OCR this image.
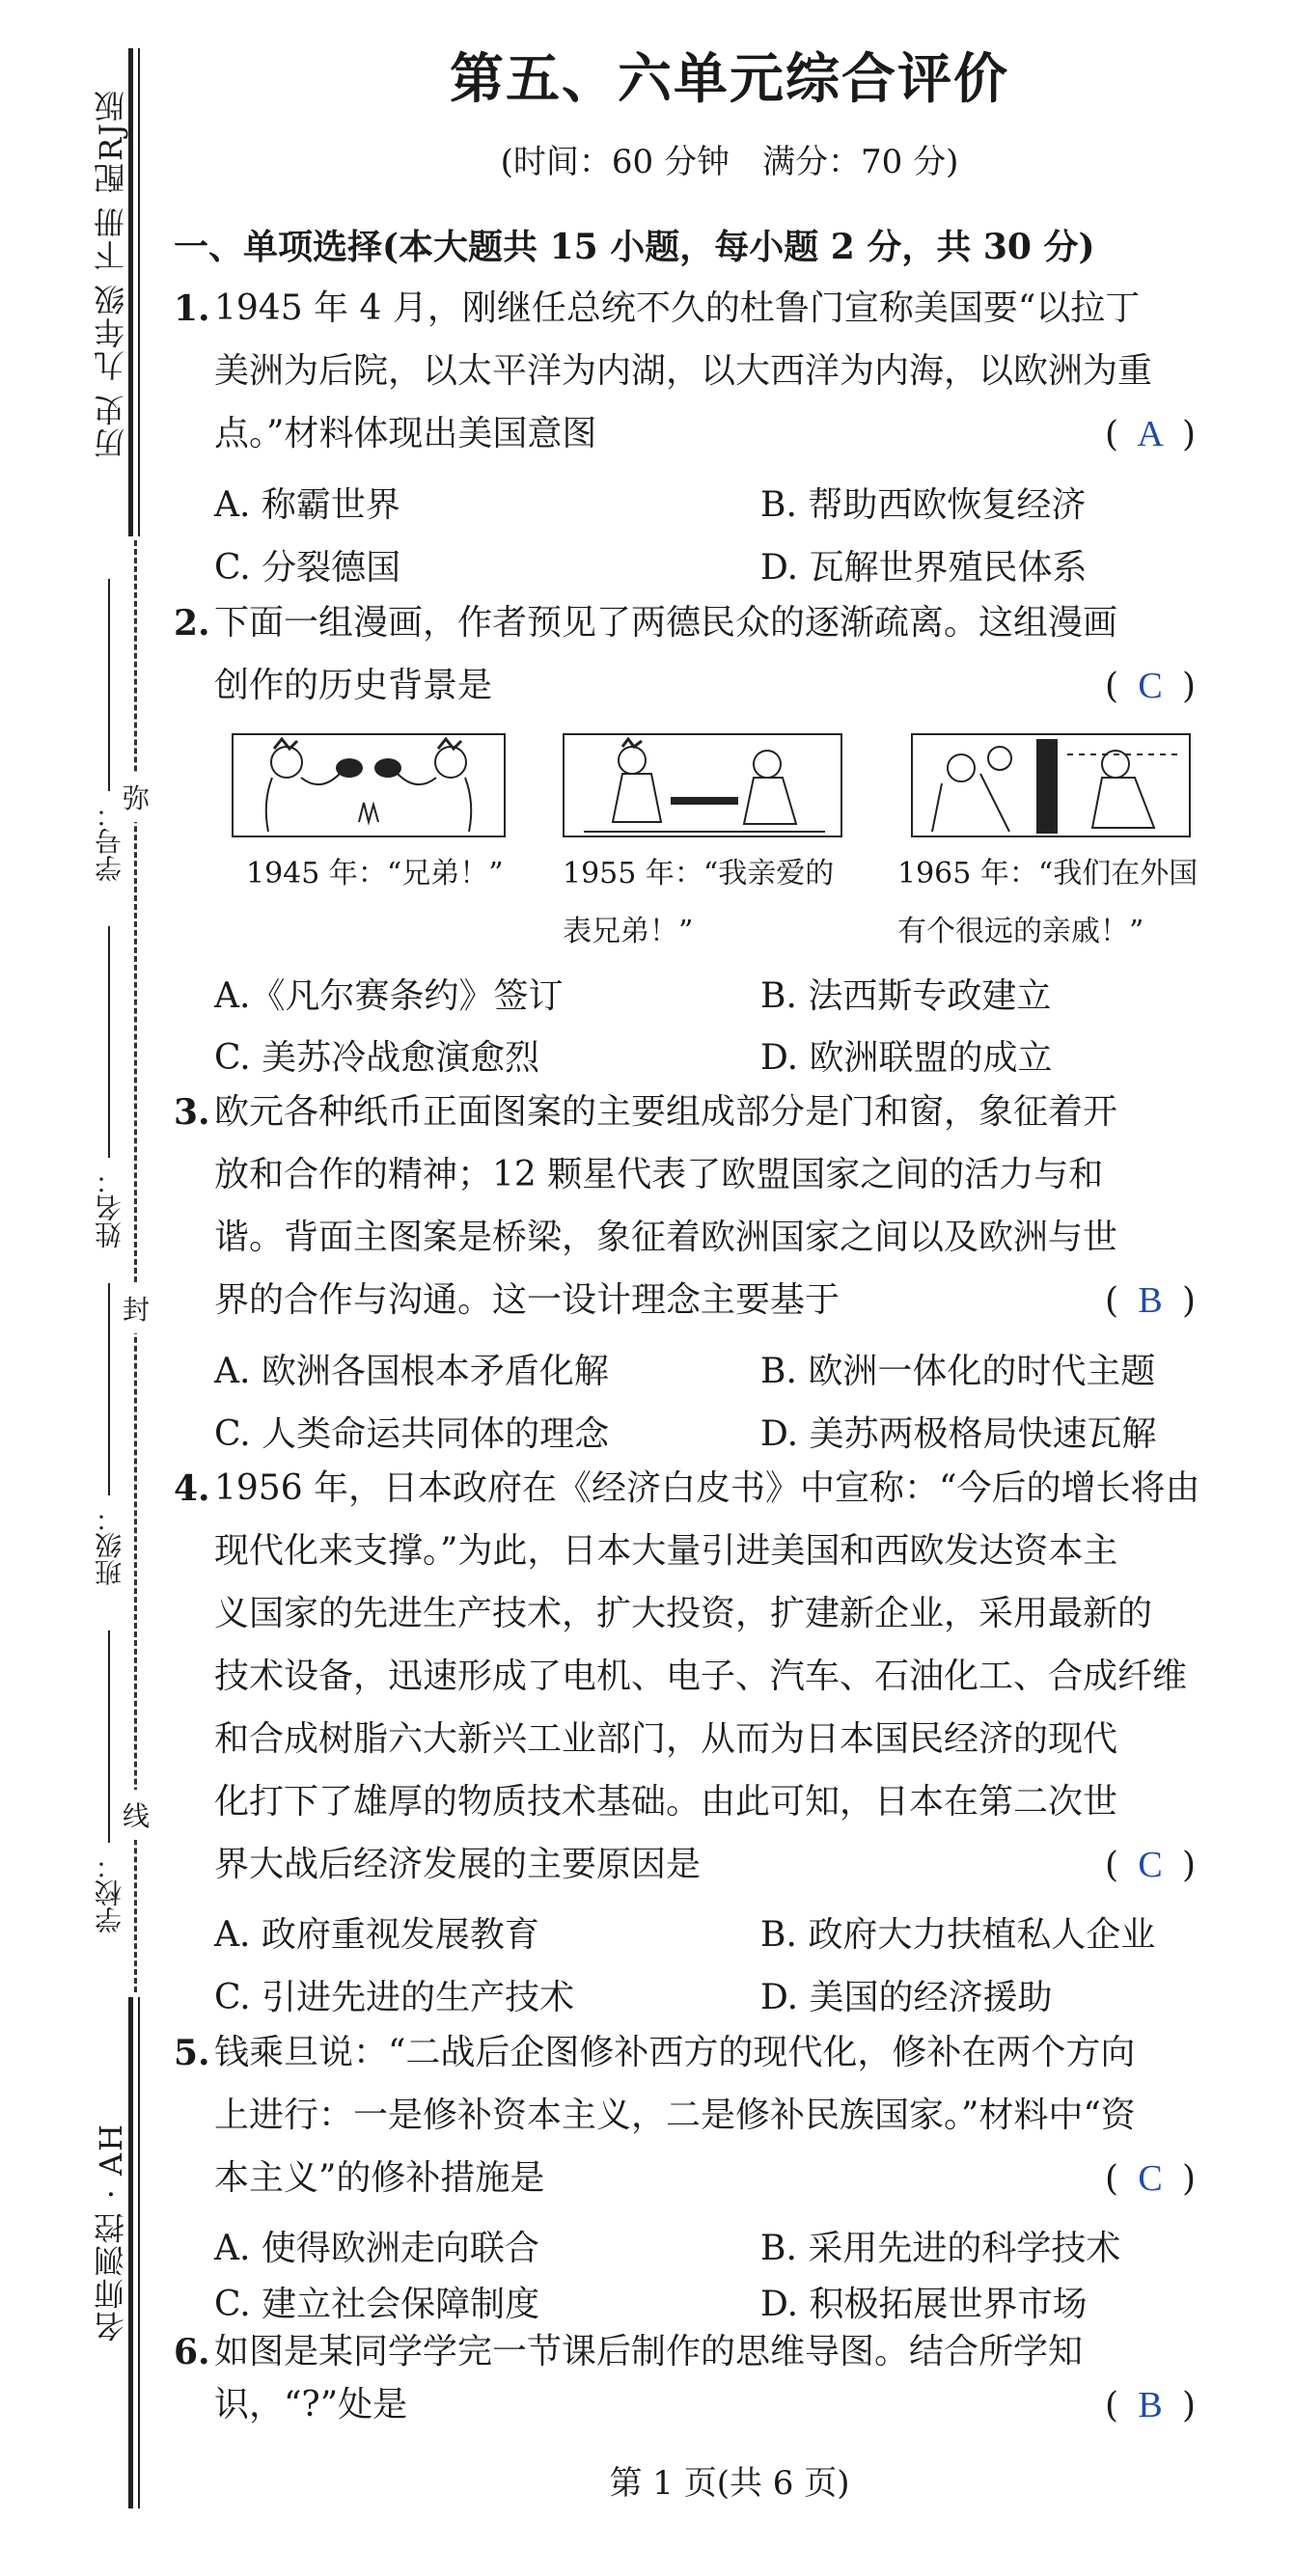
历史 九年级 下册 配RJ版
弥
封
线
学号：
姓名：
班级：
学校：
名师测控 · AH
第五、六单元综合评价
(时间：60 分钟　满分：70 分)
一、单项选择(本大题共 15 小题，每小题 2 分，共 30 分)
1. 1945 年 4 月，刚继任总统不久的杜鲁门宣称美国要“以拉丁
美洲为后院，以太平洋为内湖，以大西洋为内海，以欧洲为重
点。”材料体现出美国意图	( A )
A. 称霸世界	B. 帮助西欧恢复经济
C. 分裂德国	D. 瓦解世界殖民体系
2. 下面一组漫画，作者预见了两德民众的逐渐疏离。这组漫画
创作的历史背景是	( C )
1945 年：“兄弟！” 1955 年：“我亲爱的
表兄弟！”
1965 年：“我们在外国
有个很远的亲戚！”
A.《凡尔赛条约》签订	B. 法西斯专政建立
C. 美苏冷战愈演愈烈	D. 欧洲联盟的成立
3. 欧元各种纸币正面图案的主要组成部分是门和窗，象征着开
放和合作的精神；12 颗星代表了欧盟国家之间的活力与和
谐。背面主图案是桥梁，象征着欧洲国家之间以及欧洲与世
界的合作与沟通。这一设计理念主要基于	( B )
A. 欧洲各国根本矛盾化解	B. 欧洲一体化的时代主题
C. 人类命运共同体的理念	D. 美苏两极格局快速瓦解
4. 1956 年，日本政府在《经济白皮书》中宣称：“今后的增长将由
现代化来支撑。”为此，日本大量引进美国和西欧发达资本主
义国家的先进生产技术，扩大投资，扩建新企业，采用最新的
技术设备，迅速形成了电机、电子、汽车、石油化工、合成纤维
和合成树脂六大新兴工业部门，从而为日本国民经济的现代
化打下了雄厚的物质技术基础。由此可知，日本在第二次世
界大战后经济发展的主要原因是	( C )
A. 政府重视发展教育	B. 政府大力扶植私人企业
C. 引进先进的生产技术	D. 美国的经济援助
5. 钱乘旦说：“二战后企图修补西方的现代化，修补在两个方向
上进行：一是修补资本主义，二是修补民族国家。”材料中“资
本主义”的修补措施是	( C )
A. 使得欧洲走向联合	B. 采用先进的科学技术
C. 建立社会保障制度	D. 积极拓展世界市场
6. 如图是某同学学完一节课后制作的思维导图。结合所学知
识，“?”处是	( B )
第 1 页(共 6 页)
